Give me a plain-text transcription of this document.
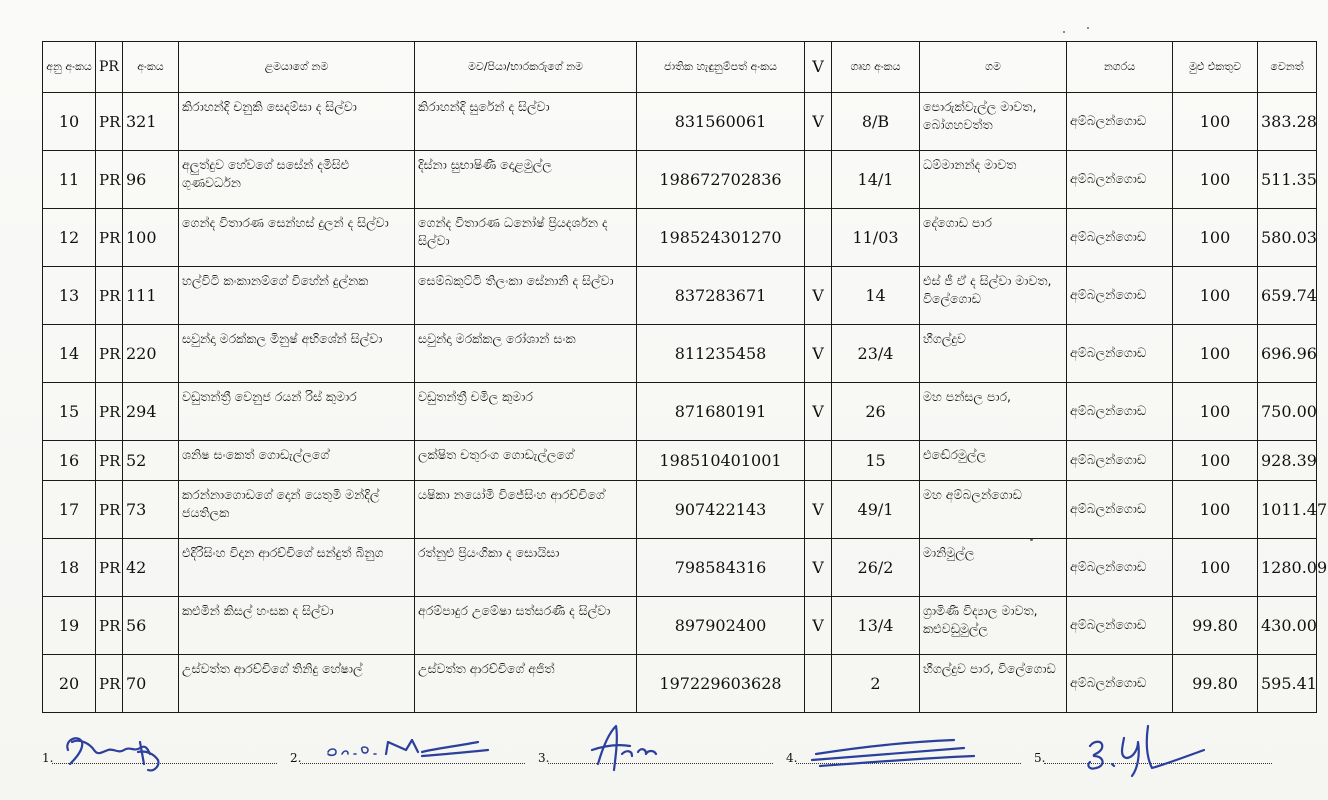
අනු අංකය	PR	අංකය	ළමයාගේ නම	මව/පියා/භාරකරුගේ නම	ජාතික හැඳුනුම්පත් අංකය	V	ගෘහ අංකය	ගම	නගරය	මුළු එකතුව	වෙනත්
10	PR	321	කිරාහන්දි චනුකි සෙදම්සා ද සිල්වා	කිරාහන්දි සුරේන් ද සිල්වා	831560061	V	8/B	පොරුක්වැල්ල මාවත, බෝගහවත්ත	අම්බලන්ගොඩ	100	383.28
11	PR	96	අලුත්දුව හේවගේ සසේන් දමිසිළු ගුණවර්ධන	දිස්නා සුභාෂිණී දොළමුල්ල	198672702836		14/1	ධම්මානන්ද මාවත	අම්බලන්ගොඩ	100	511.35
12	PR	100	ගෙන්ද විතාරණ සෙන්හස් දුලන් ද සිල්වා	ගෙන්ද විතාරණ ධනෝෂ් ප්‍රියදර්ශන ද සිල්වා	198524301270		11/03	දේගොඩ පාර	අම්බලන්ගොඩ	100	580.03
13	PR	111	හල්විටි කංකානම්ගේ විහේන් දුල්නක	සෙම්බකුට්ටි තිලංකා සේනානි ද සිල්වා	837283671	V	14	එස් ජී ඒ ද සිල්වා මාවත, විලේගොඩ	අම්බලන්ගොඩ	100	659.74
14	PR	220	සවුන්දා මරක්කල මිනුෂ් අභිශේන් සිල්වා	සවුන්දා මරක්කල රෝශාන් සංක	811235458	V	23/4	හීගල්දුව	අම්බලන්ගොඩ	100	696.96
15	PR	294	වඩුතන්ත්‍රී වෙනුජ රයන් රිස් කුමාර	වඩුතන්ත්‍රී චමිල කුමාර	871680191	V	26	මහ පන්සල පාර,	අම්බලන්ගොඩ	100	750.00
16	PR	52	ශනිෂ සංකෙත් ගොඩැල්ලගේ	ලක්ෂිත චතුරංග ගොඩැල්ලගේ	198510401001		15	එඬේරමුල්ල	අම්බලන්ගොඩ	100	928.39
17	PR	73	කරන්නාගොඩගේ දොන් යෙතුමි මන්දිල් ජයතිලක	යෂිකා නයෝමි විජේසිංහ ආරච්චිගේ	907422143	V	49/1	මහ අම්බලන්ගොඩ	අම්බලන්ගොඩ	100	1011.47
18	PR	42	එදිරිසිංහ විදාන ආරච්චිගේ සන්දුත් බිනුග	රත්නුළු ප්‍රියංගිකා ද සොයිසා	798584316	V	26/2	මානිමුල්ල	අම්බලන්ගොඩ	100	1280.09
19	PR	56	කළුමින් කිසල් හංසක ද සිල්වා	අරම්පාදුර උමේෂා සත්සරණී ද සිල්වා	897902400	V	13/4	ග්‍රාමිණී විද්‍යාල මාවත, කළුවඩුමුල්ල	අම්බලන්ගොඩ	99.80	430.00
20	PR	70	උස්වත්ත ආරච්චිගේ තිනිදු හේෂාල්	උස්වත්ත ආරච්චිගේ අජිත්	197229603628		2	හීගල්දුව පාර, විලේගොඩ	අම්බලන්ගොඩ	99.80	595.41
1.	2.	3.	4.	5.
